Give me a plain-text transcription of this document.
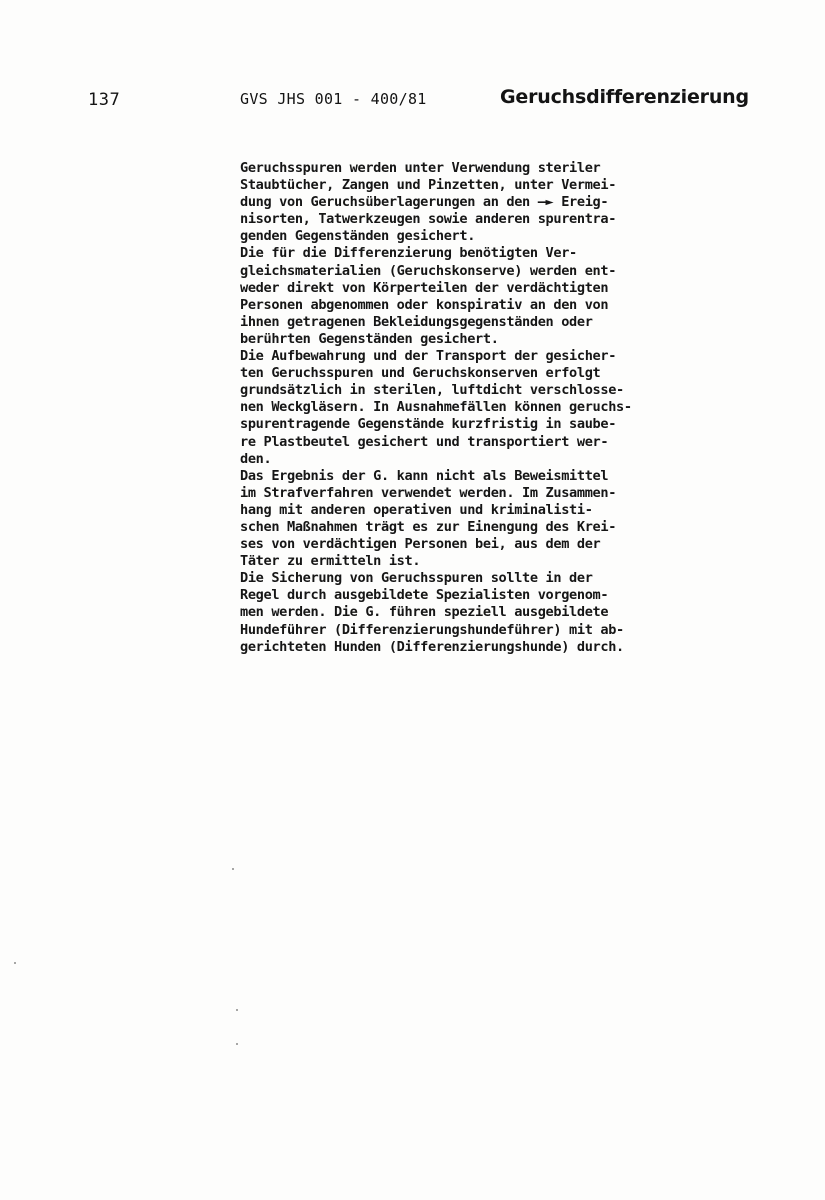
137	GVS JHS 001 - 400/81	Geruchsdifferenzierung
Geruchsspuren werden unter Verwendung steriler
Staubtücher, Zangen und Pinzetten, unter Vermei-
dung von Geruchsüberlagerungen an den —► Ereig-
nisorten, Tatwerkzeugen sowie anderen spurentra-
genden Gegenständen gesichert.
Die für die Differenzierung benötigten Ver-
gleichsmaterialien (Geruchskonserve) werden ent-
weder direkt von Körperteilen der verdächtigten
Personen abgenommen oder konspirativ an den von
ihnen getragenen Bekleidungsgegenständen oder
berührten Gegenständen gesichert.
Die Aufbewahrung und der Transport der gesicher-
ten Geruchsspuren und Geruchskonserven erfolgt
grundsätzlich in sterilen, luftdicht verschlosse-
nen Weckgläsern. In Ausnahmefällen können geruchs-
spurentragende Gegenstände kurzfristig in saube-
re Plastbeutel gesichert und transportiert wer-
den.
Das Ergebnis der G. kann nicht als Beweismittel
im Strafverfahren verwendet werden. Im Zusammen-
hang mit anderen operativen und kriminalisti-
schen Maßnahmen trägt es zur Einengung des Krei-
ses von verdächtigen Personen bei, aus dem der
Täter zu ermitteln ist.
Die Sicherung von Geruchsspuren sollte in der
Regel durch ausgebildete Spezialisten vorgenom-
men werden. Die G. führen speziell ausgebildete
Hundeführer (Differenzierungshundeführer) mit ab-
gerichteten Hunden (Differenzierungshunde) durch.
